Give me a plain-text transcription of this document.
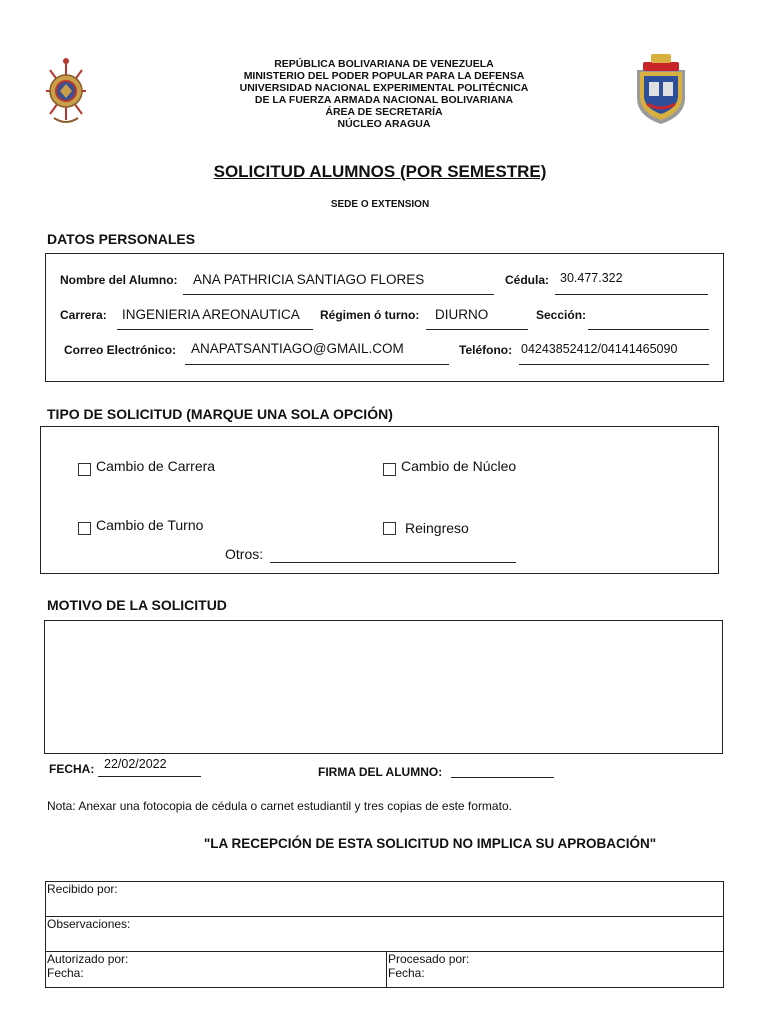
REPÚBLICA BOLIVARIANA DE VENEZUELA
MINISTERIO DEL PODER POPULAR PARA LA DEFENSA
UNIVERSIDAD NACIONAL EXPERIMENTAL POLITÉCNICA
DE LA FUERZA ARMADA NACIONAL BOLIVARIANA
ÁREA DE SECRETARÍA
NÚCLEO ARAGUA
SOLICITUD ALUMNOS (POR SEMESTRE)
SEDE O EXTENSION
DATOS PERSONALES
Nombre del Alumno: ANA PATHRICIA SANTIAGO FLORES	Cédula: 30.477.322
Carrera: INGENIERIA AREONAUTICA Régimen ó turno: DIURNO	Sección:
Correo Electrónico: ANAPATSANTIAGO@GMAIL.COM	Teléfono: 04243852412/04141465090
TIPO DE SOLICITUD (MARQUE UNA SOLA OPCIÓN)
Cambio de Carrera	Cambio de Núcleo
Cambio de Turno	Reingreso
Otros:
MOTIVO DE LA SOLICITUD
FECHA: 22/02/2022
FIRMA DEL ALUMNO:
Nota: Anexar una fotocopia de cédula o carnet estudiantil y tres copias de este formato.
"LA RECEPCIÓN DE ESTA SOLICITUD NO IMPLICA SU APROBACIÓN"
Recibido por:
Observaciones:

Autorizado por:
Fecha:

Procesado por:
Fecha:
